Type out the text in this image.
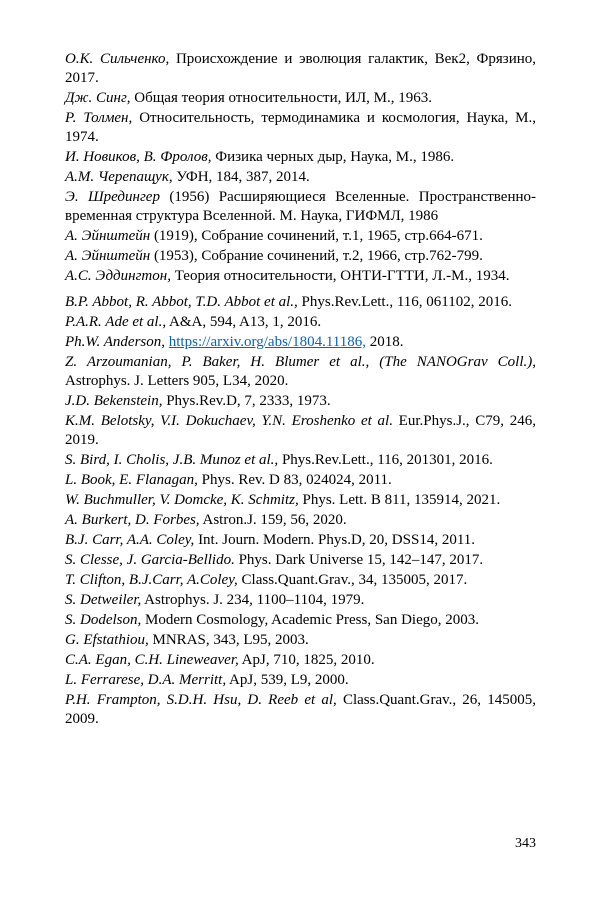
О.К. Сильченко, Происхождение и эволюция галактик, Век2, Фрязино, 2017.

Дж. Синг, Общая теория относительности, ИЛ, М., 1963.

Р. Толмен, Относительность, термодинамика и космология, Наука, М., 1974.

И. Новиков, В. Фролов, Физика черных дыр, Наука, М., 1986.

А.М. Черепащук, УФН, 184, 387, 2014.

Э. Шредингер (1956) Расширяющиеся Вселенные. Пространственно-временная структура Вселенной. М. Наука, ГИФМЛ, 1986

А. Эйнштейн (1919), Собрание сочинений, т.1, 1965, стр.664-671.

А. Эйнштейн (1953), Собрание сочинений, т.2, 1966, стр.762-799.

А.С. Эддингтон, Теория относительности, ОНТИ-ГТТИ, Л.-М., 1934.

B.P. Abbot, R. Abbot, T.D. Abbot et al., Phys.Rev.Lett., 116, 061102, 2016.

P.A.R. Ade et al., A&A, 594, A13, 1, 2016.

Ph.W. Anderson, https://arxiv.org/abs/1804.11186, 2018.

Z. Arzoumanian, P. Baker, H. Blumer et al., (The NANOGrav Coll.), Astrophys. J. Letters 905, L34, 2020.

J.D. Bekenstein, Phys.Rev.D, 7, 2333, 1973.

K.M. Belotsky, V.I. Dokuchaev, Y.N. Eroshenko et al. Eur.Phys.J., C79, 246, 2019.

S. Bird, I. Cholis, J.B. Munoz et al., Phys.Rev.Lett., 116, 201301, 2016.

L. Book, E. Flanagan, Phys. Rev. D 83, 024024, 2011.

W. Buchmuller, V. Domcke, K. Schmitz, Phys. Lett. B 811, 135914, 2021.

A. Burkert, D. Forbes, Astron.J. 159, 56, 2020.

B.J. Carr, A.A. Coley, Int. Journ. Modern. Phys.D, 20, DSS14, 2011.

S. Clesse, J. Garcia-Bellido. Phys. Dark Universe 15, 142–147, 2017.

T. Clifton, B.J.Carr, A.Coley, Class.Quant.Grav., 34, 135005, 2017.

S. Detweiler, Astrophys. J. 234, 1100–1104, 1979.

S. Dodelson, Modern Cosmology, Academic Press, San Diego, 2003.

G. Efstathiou, MNRAS, 343, L95, 2003.

C.A. Egan, C.H. Lineweaver, ApJ, 710, 1825, 2010.

L. Ferrarese, D.A. Merritt, ApJ, 539, L9, 2000.

P.H. Frampton, S.D.H. Hsu, D. Reeb et al, Class.Quant.Grav., 26, 145005, 2009.

343
